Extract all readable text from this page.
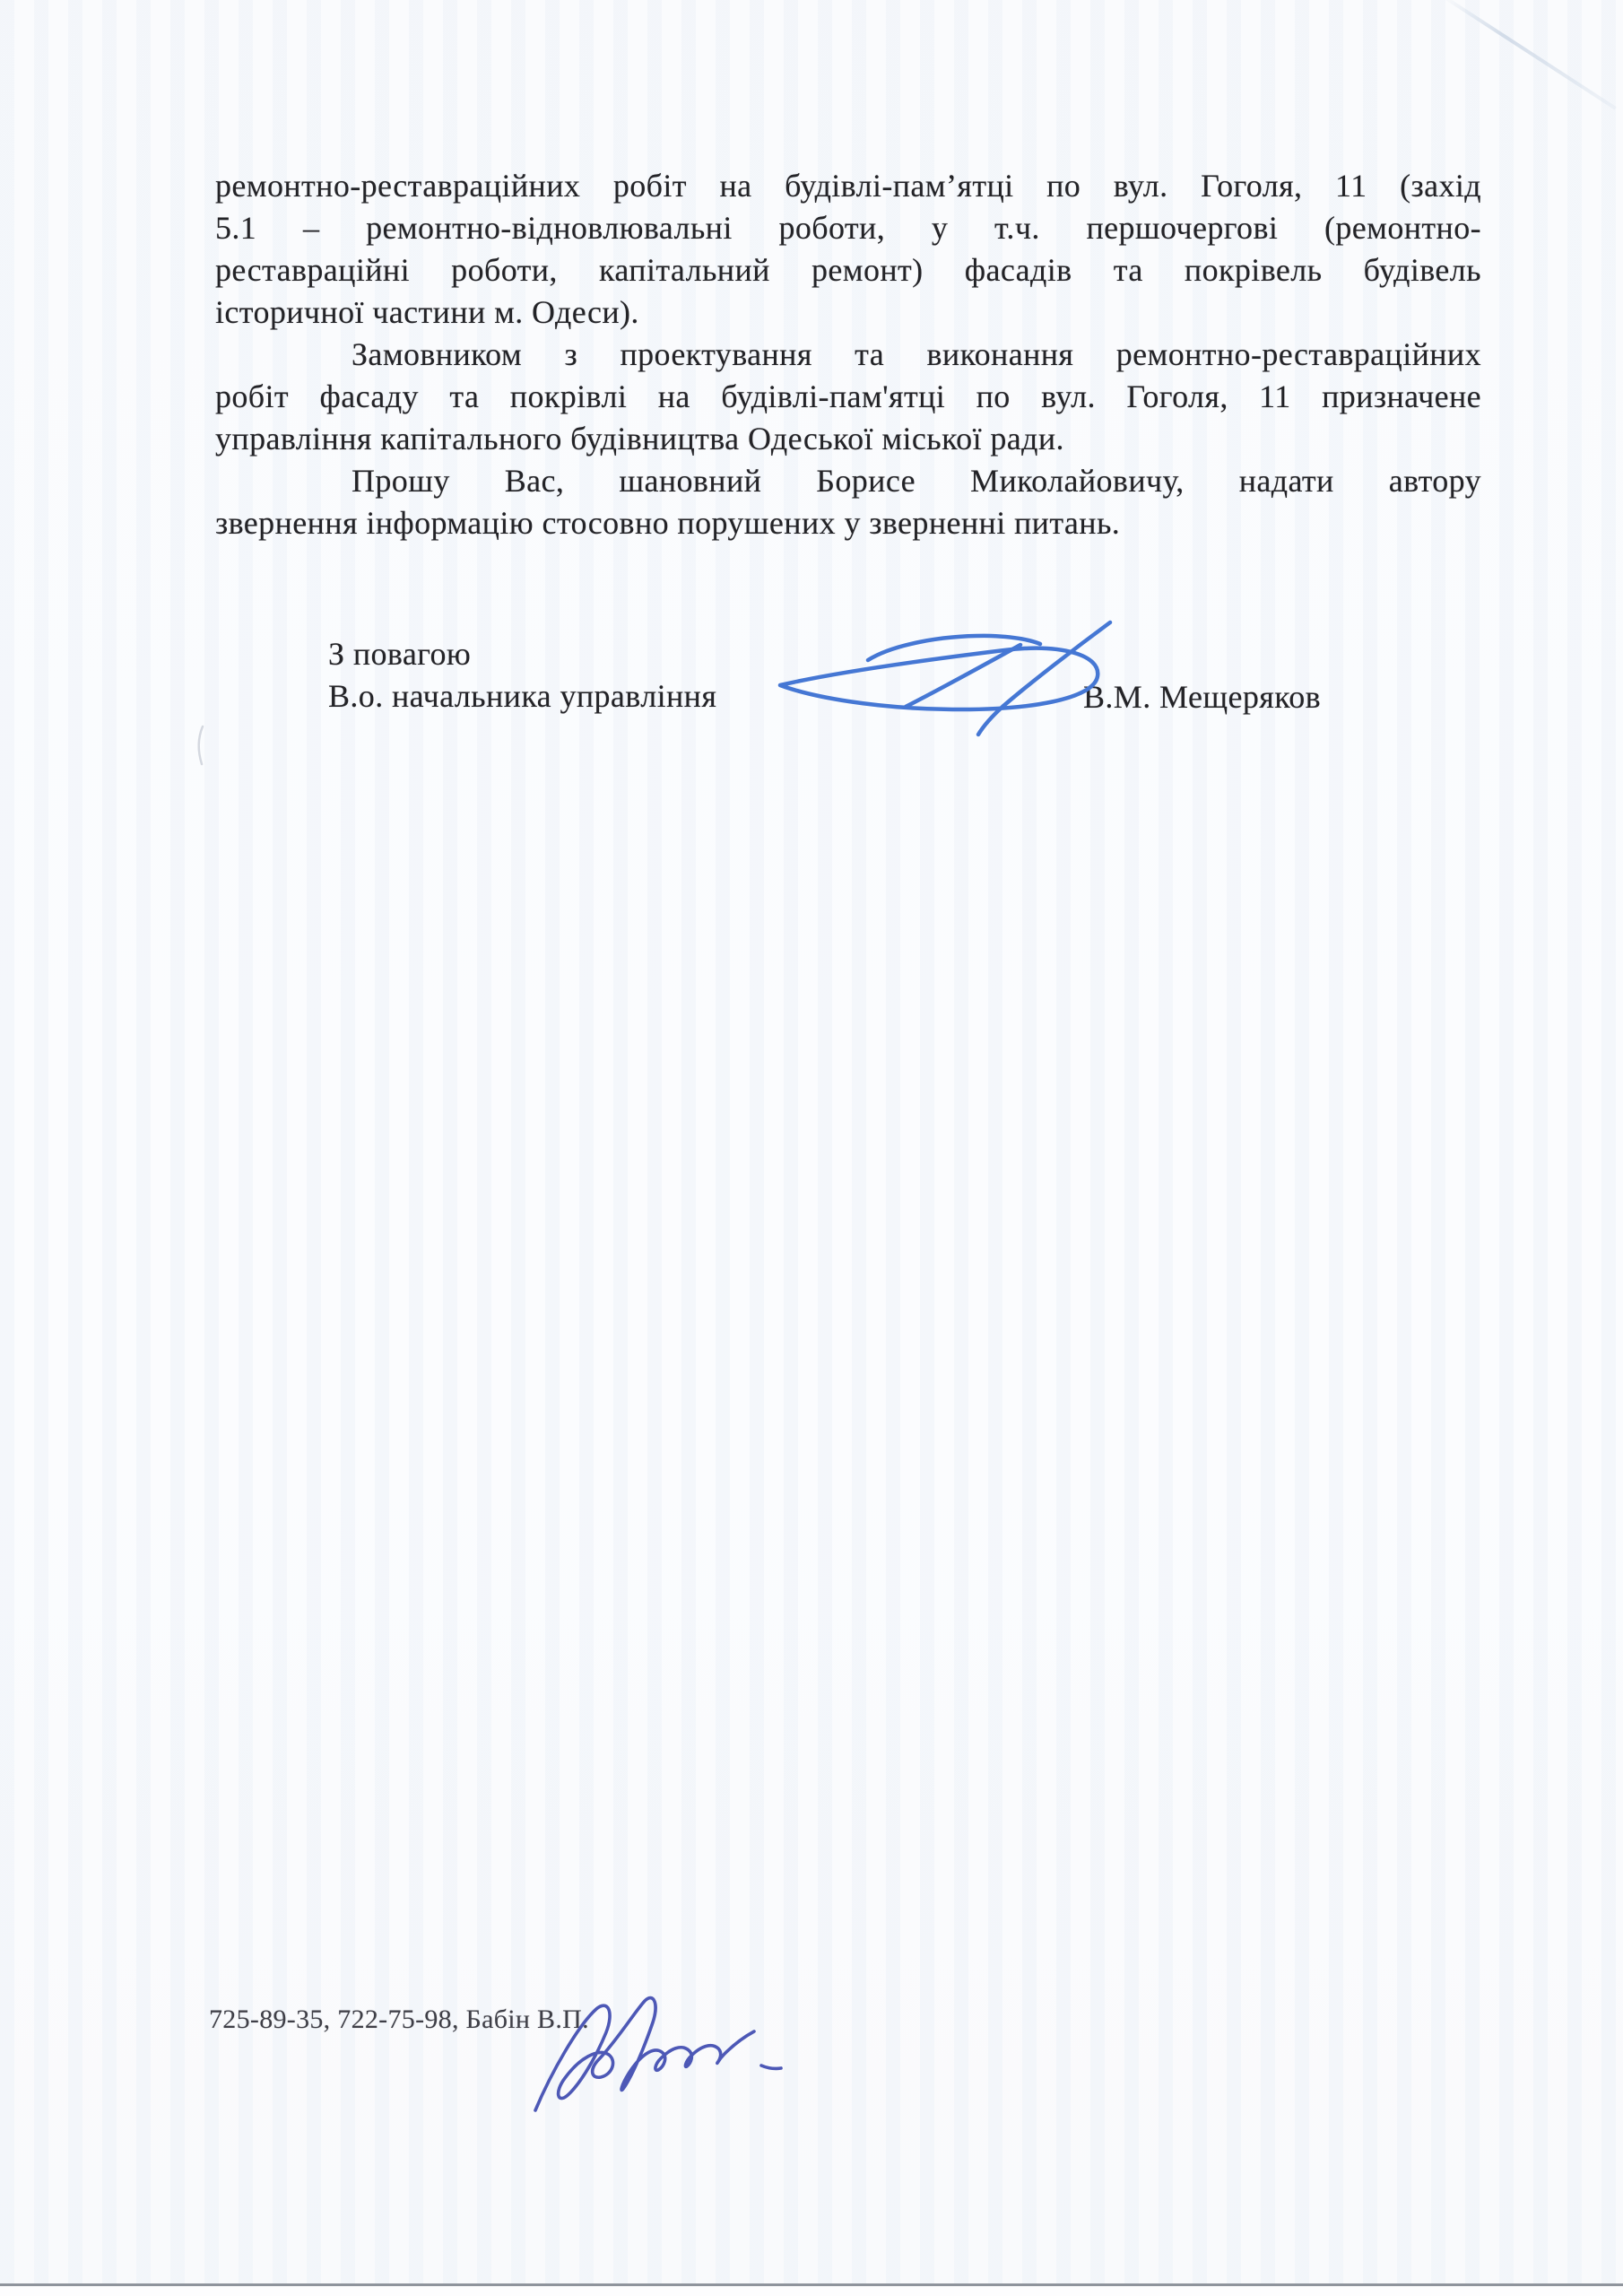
ремонтно-реставраційних робіт на будівлі-пам’ятці по вул. Гоголя, 11 (захід
5.1 – ремонтно-відновлювальні роботи, у т.ч. першочергові (ремонтно-
реставраційні роботи, капітальний ремонт) фасадів та покрівель будівель
історичної частини м. Одеси).
Замовником з проектування та виконання ремонтно-реставраційних
робіт фасаду та покрівлі на будівлі-пам'ятці по вул. Гоголя, 11 призначене
управління капітального будівництва Одеської міської ради.
Прошу Вас, шановний Борисе Миколайовичу, надати автору
звернення інформацію стосовно порушених у зверненні питань.
З повагою
В.о. начальника управління	В.М. Мещеряков
725-89-35, 722-75-98, Бабін В.П.
